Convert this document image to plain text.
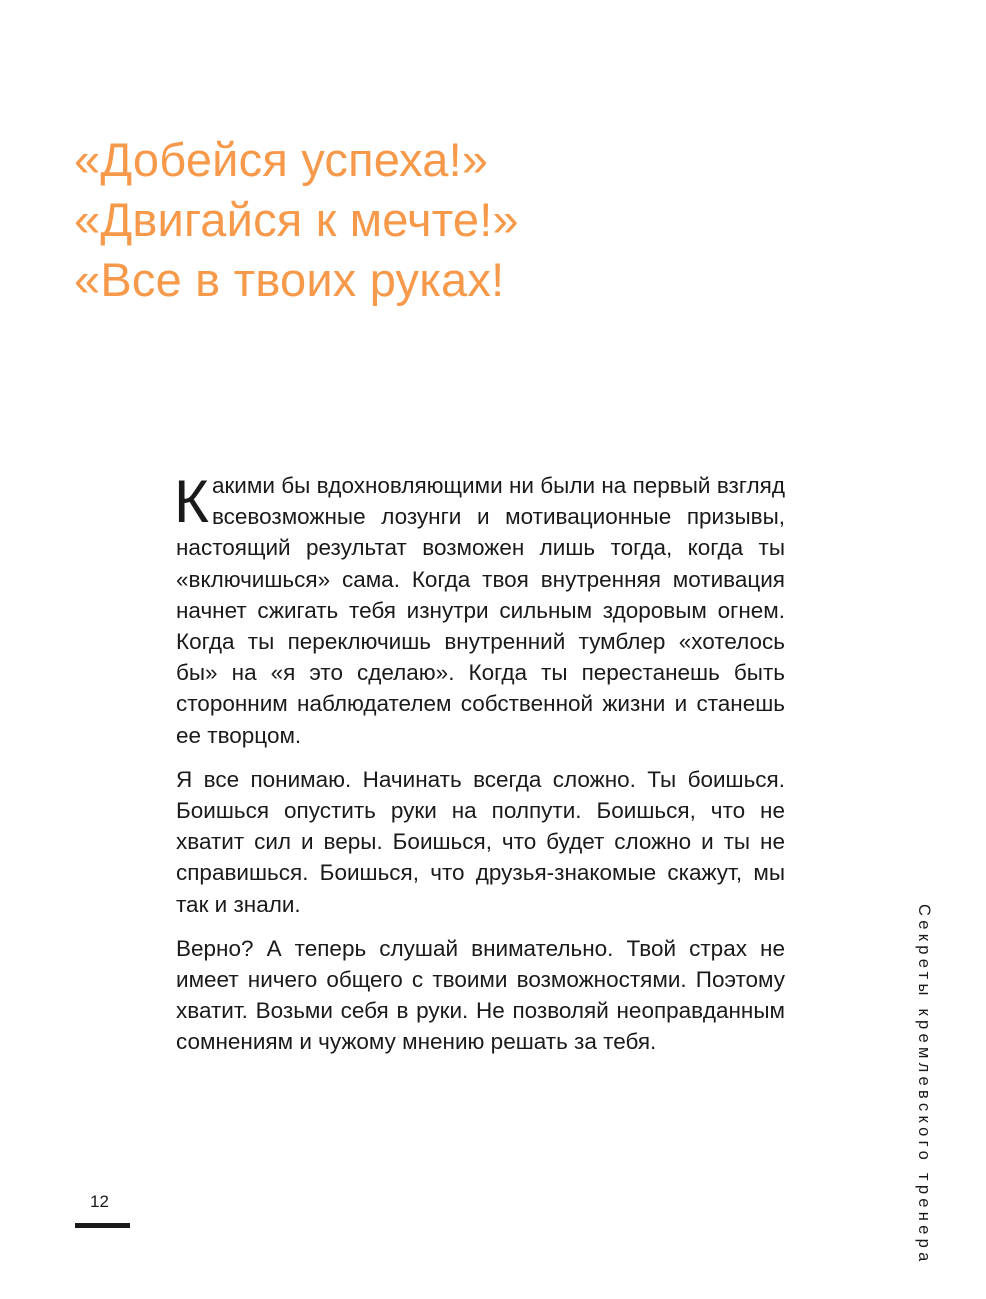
«Добейся успеха!»
«Двигайся к мечте!»
«Все в твоих руках!

Какими бы вдохновляющими ни были на первый взгляд всевозможные лозунги и мотивационные призывы, настоящий результат возможен лишь тогда, когда ты «включишься» сама. Когда твоя внутренняя мотивация начнет сжигать тебя изнутри сильным здоровым огнем. Когда ты переключишь внутренний тумблер «хотелось бы» на «я это сделаю». Когда ты перестанешь быть сторонним наблюдателем собственной жизни и станешь ее творцом.

Я все понимаю. Начинать всегда сложно. Ты боишься. Боишься опустить руки на полпути. Боишься, что не хватит сил и веры. Боишься, что будет сложно и ты не справишься. Боишься, что друзья-знакомые скажут, мы так и знали.

Верно? А теперь слушай внимательно. Твой страх не имеет ничего общего с твоими возможностями. Поэтому хватит. Возьми себя в руки. Не позволяй неоправданным сомнениям и чужому мнению решать за тебя.

12	Секреты кремлевского тренера
